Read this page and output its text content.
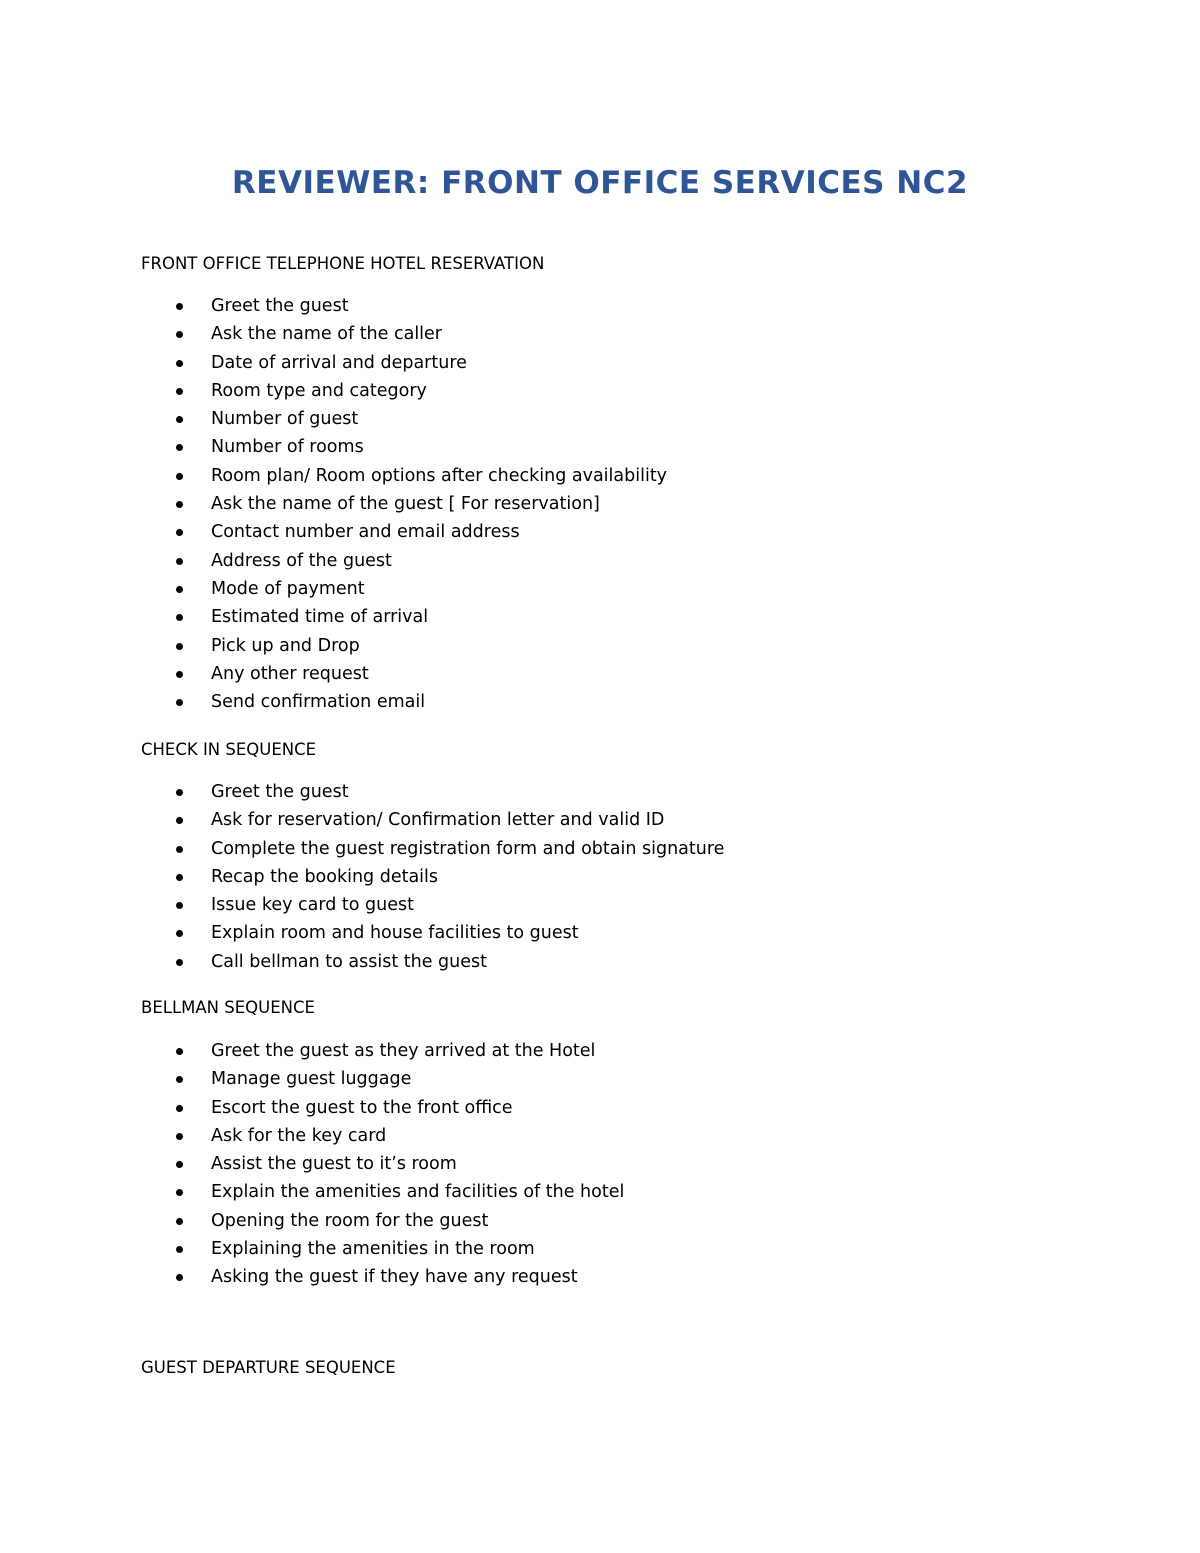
REVIEWER: FRONT OFFICE SERVICES NC2

FRONT OFFICE TELEPHONE HOTEL RESERVATION

Greet the guest
Ask the name of the caller
Date of arrival and departure
Room type and category
Number of guest
Number of rooms
Room plan/ Room options after checking availability
Ask the name of the guest [ For reservation]
Contact number and email address
Address of the guest
Mode of payment
Estimated time of arrival
Pick up and Drop
Any other request
Send confirmation email

CHECK IN SEQUENCE

Greet the guest
Ask for reservation/ Confirmation letter and valid ID
Complete the guest registration form and obtain signature
Recap the booking details
Issue key card to guest
Explain room and house facilities to guest
Call bellman to assist the guest

BELLMAN SEQUENCE

Greet the guest as they arrived at the Hotel
Manage guest luggage
Escort the guest to the front office
Ask for the key card
Assist the guest to it’s room
Explain the amenities and facilities of the hotel
Opening the room for the guest
Explaining the amenities in the room
Asking the guest if they have any request

GUEST DEPARTURE SEQUENCE
